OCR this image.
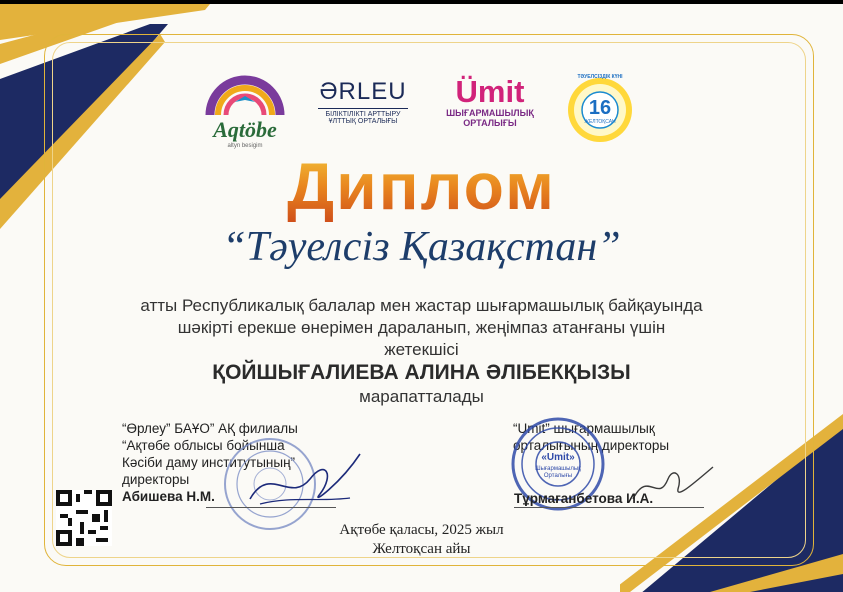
Aqtöbe
altyn besigim
ƏRLEU
БІЛІКТІЛІКТІ АРТТЫРУ
ҰЛТТЫҚ ОРТАЛЫҒЫ
Ümit
ШЫҒАРМАШЫЛЫҚ
ОРТАЛЫҒЫ
16
ТӘУЕЛСІЗДІК КҮНІ
ЖЕЛТОҚСАН
Диплом
“Тәуелсіз Қазақстан”
атты Республикалық балалар мен жастар шығармашылық байқауында
шәкірті ерекше өнерімен дараланып, жеңімпаз атанғаны үшін
жетекшісі
ҚОЙШЫҒАЛИЕВА АЛИНА ӘЛІБЕКҚЫЗЫ
марапатталады
“Өрлеу” БАҰО” АҚ филиалы
“Ақтөбе облысы бойынша
Кәсіби даму институтының”
директоры
Абишева Н.М.
“Umit” шығармашылық
орталығының директоры
«Umit»
Шығармашылық Орталығы
Тұрмағанбетова И.А.
Ақтөбе қаласы, 2025 жыл
Желтоқсан айы
